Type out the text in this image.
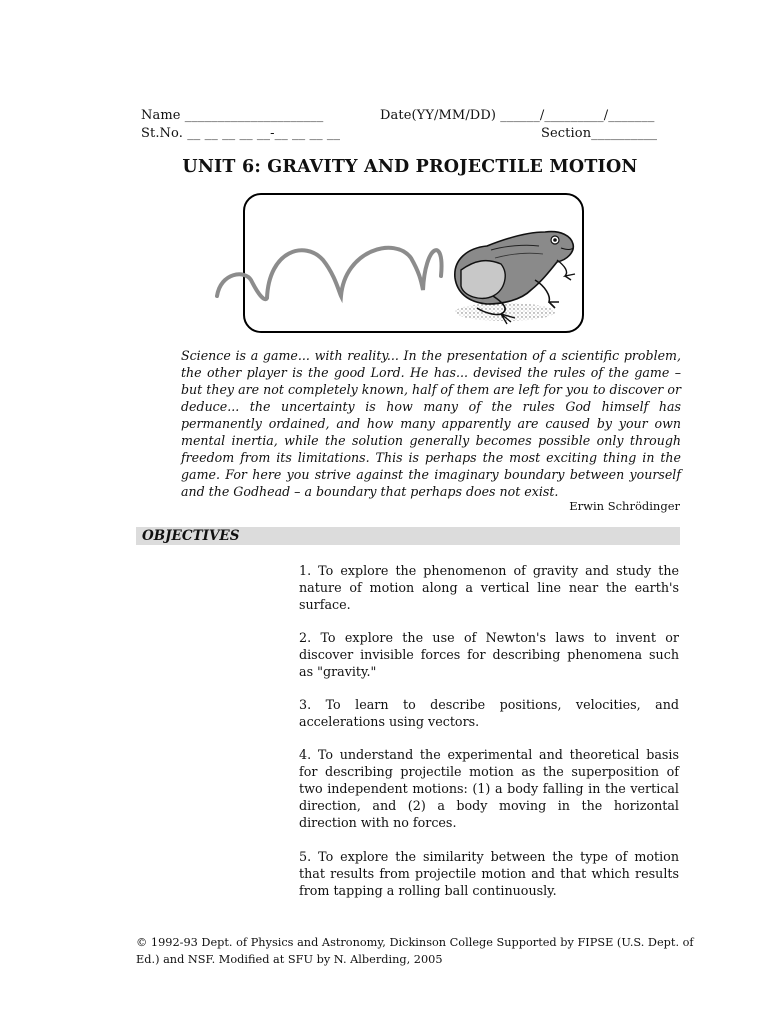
Name _____________________	Date(YY/MM/DD) ______/_________/_______
St.No. __ __ __ __ __-__ __ __ __	Section__________
UNIT 6: GRAVITY AND PROJECTILE MOTION
Science is a game... with reality... In the presentation of a scientific problem, the other player is the good Lord. He has... devised the rules of the game – but they are not completely known, half of them are left for you to discover or deduce... the uncertainty is how many of the rules God himself has permanently ordained, and how many apparently are caused by your own mental inertia, while the solution generally becomes possible only through freedom from its limitations. This is perhaps the most exciting thing in the game. For here you strive against the imaginary boundary between yourself and the Godhead – a boundary that perhaps does not exist.
Erwin Schrödinger
OBJECTIVES
1. To explore the phenomenon of gravity and study the nature of motion along a vertical line near the earth's surface.
2. To explore the use of Newton's laws to invent or discover invisible forces for describing phenomena such as "gravity."
3. To learn to describe positions, velocities, and accelerations using vectors.
4. To understand the experimental and theoretical basis for describing projectile motion as the superposition of two independent motions: (1) a body falling in the vertical direction, and (2) a body moving in the horizontal direction with no forces.
5. To explore the similarity between the type of motion that results from projectile motion and that which results from tapping a rolling ball continuously.
© 1992-93 Dept. of Physics and Astronomy, Dickinson College Supported by FIPSE (U.S. Dept. of Ed.) and NSF. Modified at SFU by N. Alberding, 2005
